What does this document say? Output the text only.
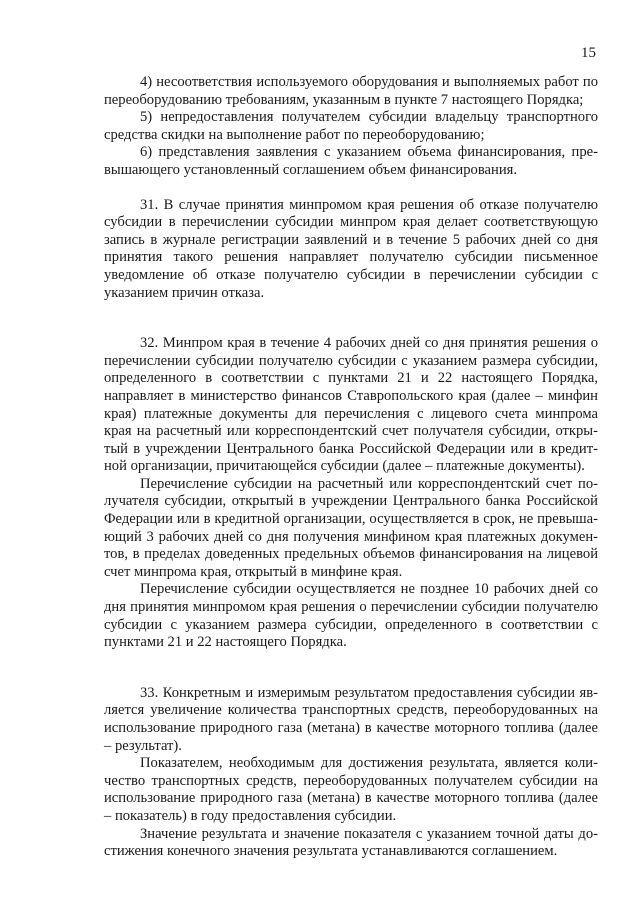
15

4) несоответствия используемого оборудования и выполняемых работ по переоборудованию требованиям, указанным в пункте 7 настоящего Порядка;

5) непредоставления получателем субсидии владельцу транспортного средства скидки на выполнение работ по переоборудованию;

6) представления заявления с указанием объема финансирования, превышающего установленный соглашением объем финансирования.

31. В случае принятия минпромом края решения об отказе получателю субсидии в перечислении субсидии минпром края делает соответствующую запись в журнале регистрации заявлений и в течение 5 рабочих дней со дня принятия такого решения направляет получателю субсидии письменное уведомление об отказе получателю субсидии в перечислении субсидии с указанием причин отказа.

32. Минпром края в течение 4 рабочих дней со дня принятия решения о перечислении субсидии получателю субсидии с указанием размера субсидии, определенного в соответствии с пунктами 21 и 22 настоящего Порядка, направляет в министерство финансов Ставропольского края (далее – минфин края) платежные документы для перечисления с лицевого счета минпрома края на расчетный или корреспондентский счет получателя субсидии, открытый в учреждении Центрального банка Российской Федерации или в кредитной организации, причитающейся субсидии (далее – платежные документы).

Перечисление субсидии на расчетный или корреспондентский счет получателя субсидии, открытый в учреждении Центрального банка Российской Федерации или в кредитной организации, осуществляется в срок, не превышающий 3 рабочих дней со дня получения минфином края платежных документов, в пределах доведенных предельных объемов финансирования на лицевой счет минпрома края, открытый в минфине края.

Перечисление субсидии осуществляется не позднее 10 рабочих дней со дня принятия минпромом края решения о перечислении субсидии получателю субсидии с указанием размера субсидии, определенного в соответствии с пунктами 21 и 22 настоящего Порядка.

33. Конкретным и измеримым результатом предоставления субсидии является увеличение количества транспортных средств, переоборудованных на использование природного газа (метана) в качестве моторного топлива (далее – результат).

Показателем, необходимым для достижения результата, является количество транспортных средств, переоборудованных получателем субсидии на использование природного газа (метана) в качестве моторного топлива (далее – показатель) в году предоставления субсидии.

Значение результата и значение показателя с указанием точной даты достижения конечного значения результата устанавливаются соглашением.
